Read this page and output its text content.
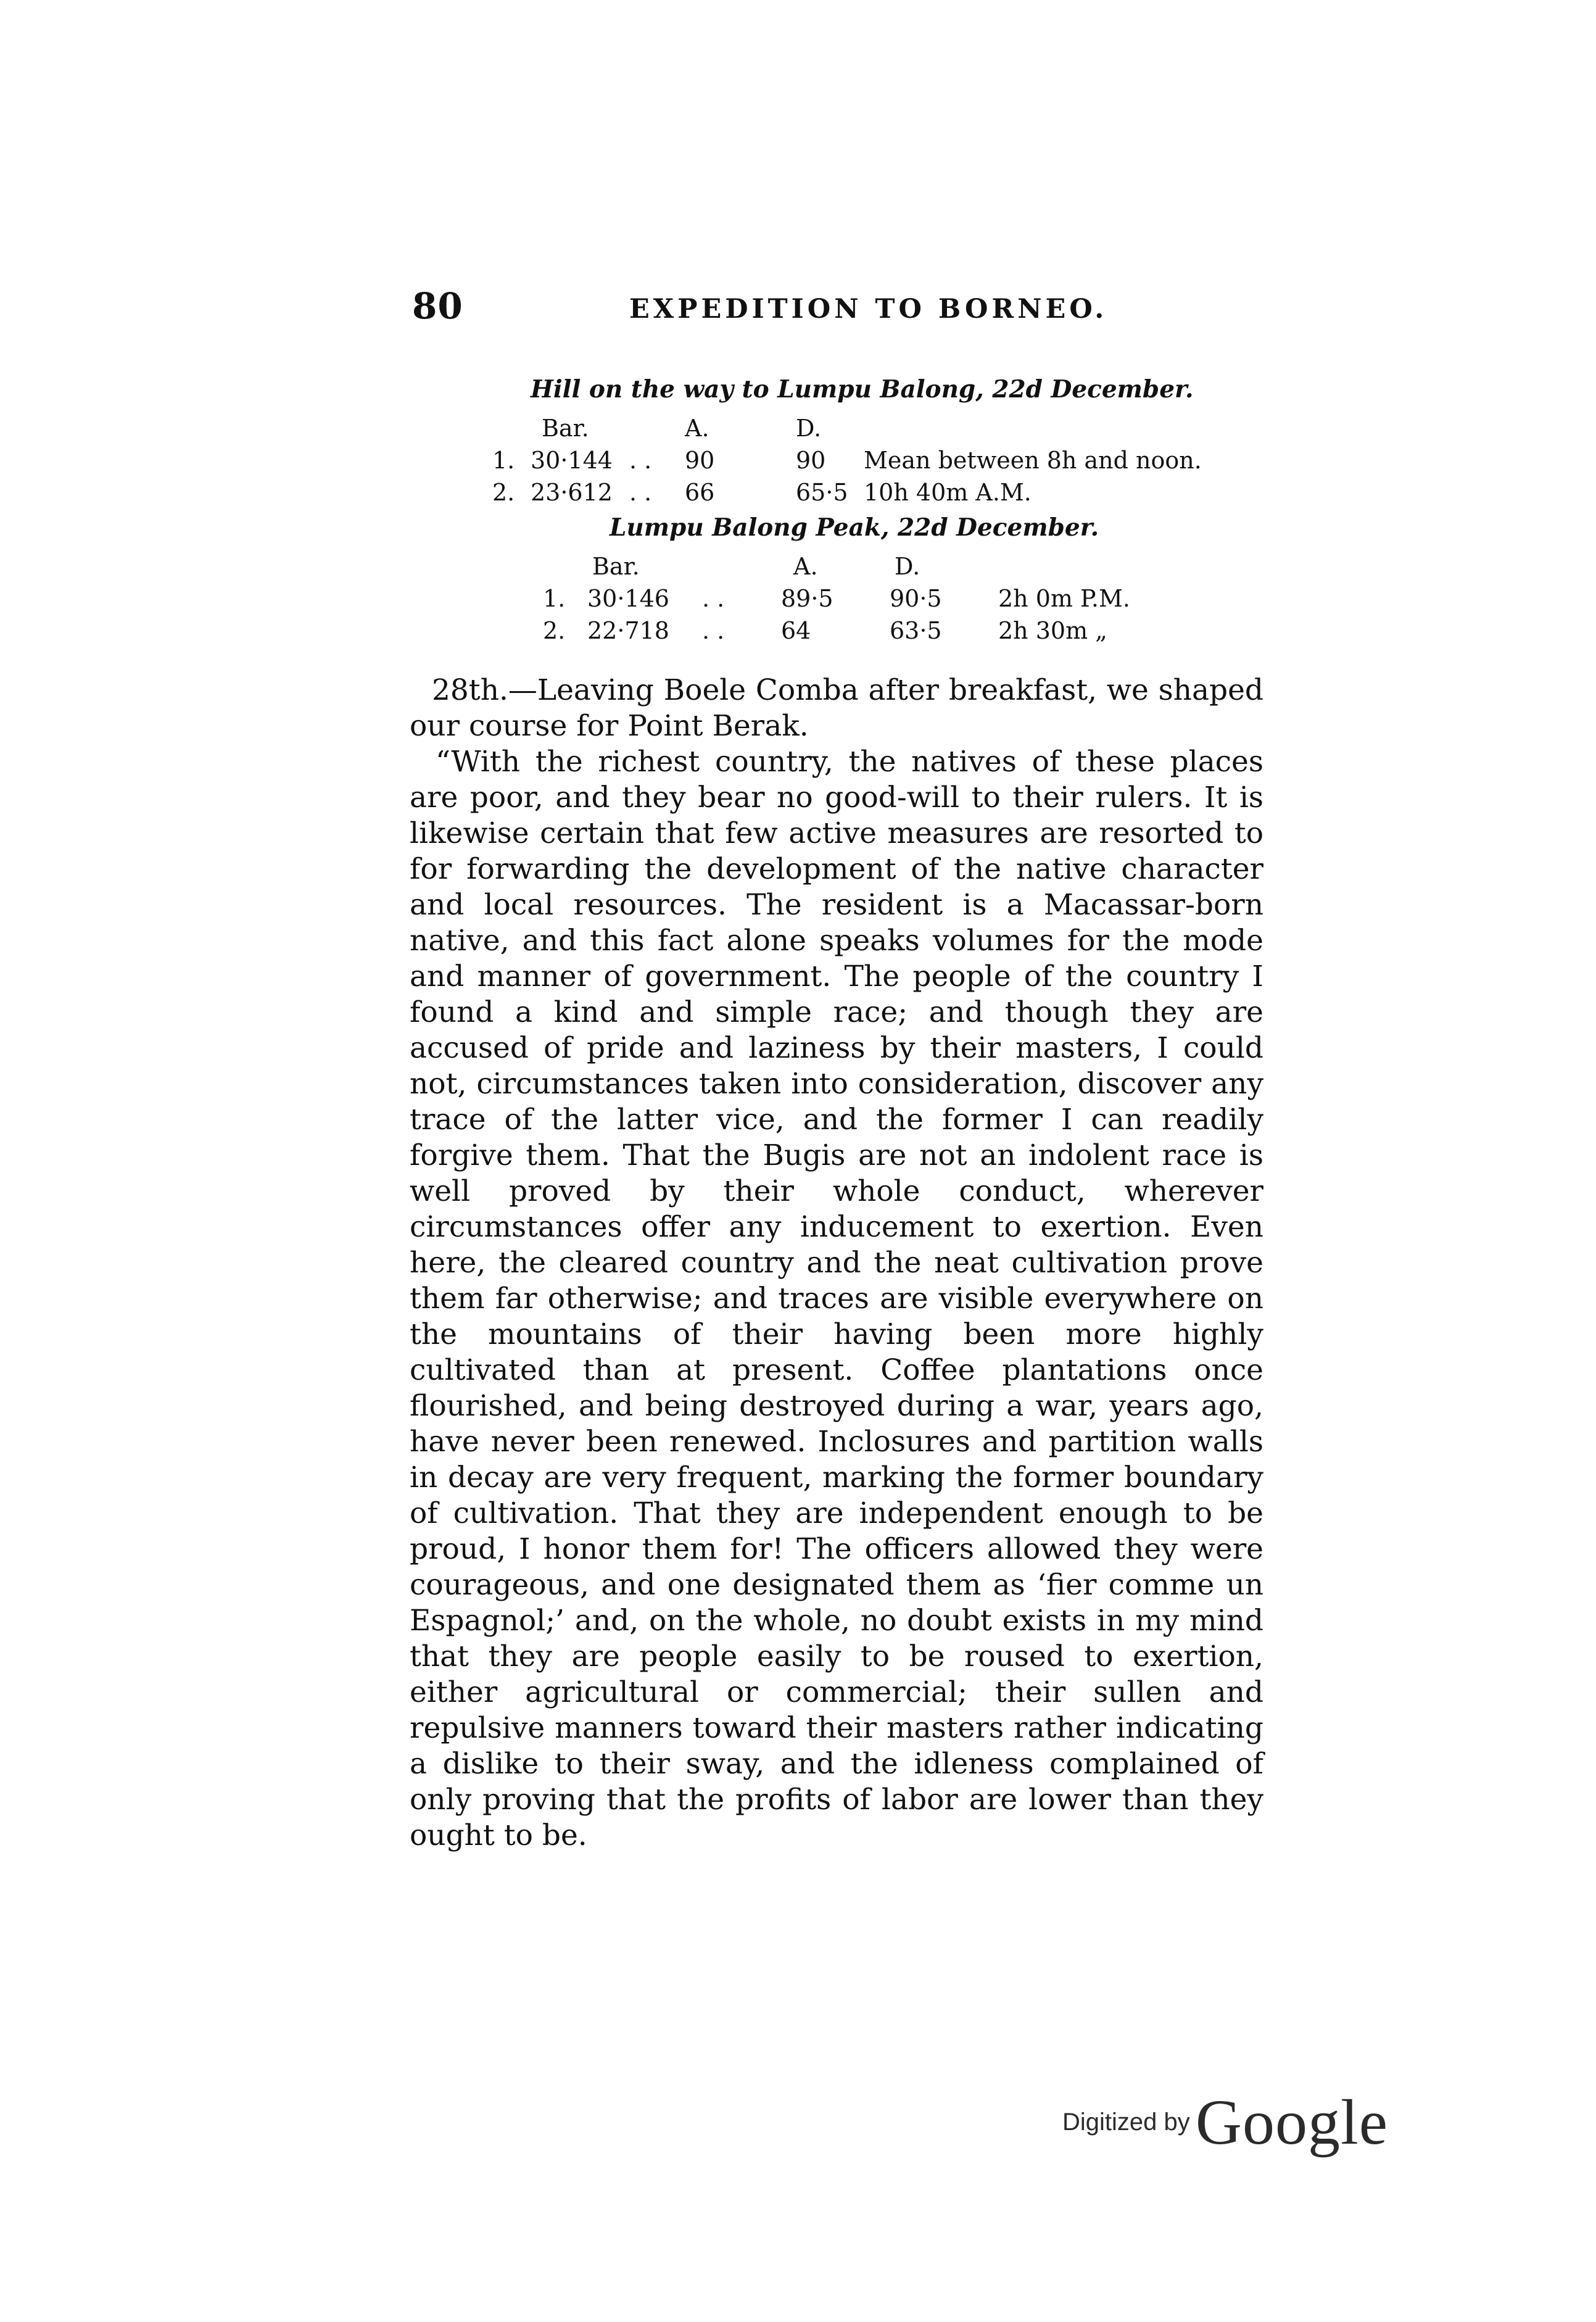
80	EXPEDITION TO BORNEO.
Hill on the way to Lumpu Balong, 22d December.
Bar.	A.	D.
1. 30·144 . . 90	90 Mean between 8h and noon.
2. 23·612 . . 66	65·5 10h 40m A.M.
Lumpu Balong Peak, 22d December.
Bar.	A.	D.
1. 30·146 . . 89·5 90·5 2h 0m P.M.
2. 22·718 . . 64	63·5 2h 30m „

28th.—Leaving Boele Comba after breakfast, we shaped our course for Point Berak.

“With the richest country, the natives of these places are poor, and they bear no good-will to their rulers. It is likewise certain that few active measures are resorted to for forwarding the development of the native character and local resources. The resident is a Macassar-born native, and this fact alone speaks volumes for the mode and manner of government. The people of the country I found a kind and simple race; and though they are accused of pride and laziness by their masters, I could not, circumstances taken into consideration, discover any trace of the latter vice, and the former I can readily forgive them. That the Bugis are not an indolent race is well proved by their whole conduct, wherever circumstances offer any inducement to exertion. Even here, the cleared country and the neat cultivation prove them far otherwise; and traces are visible everywhere on the mountains of their having been more highly cultivated than at present. Coffee plantations once flourished, and being destroyed during a war, years ago, have never been renewed. Inclosures and partition walls in decay are very frequent, marking the former boundary of cultivation. That they are independent enough to be proud, I honor them for! The officers allowed they were courageous, and one designated them as ‘fier comme un Espagnol;’ and, on the whole, no doubt exists in my mind that they are people easily to be roused to exertion, either agricultural or commercial; their sullen and repulsive manners toward their masters rather indicating a dislike to their sway, and the idleness complained of only proving that the profits of labor are lower than they ought to be.

Digitized by Google
